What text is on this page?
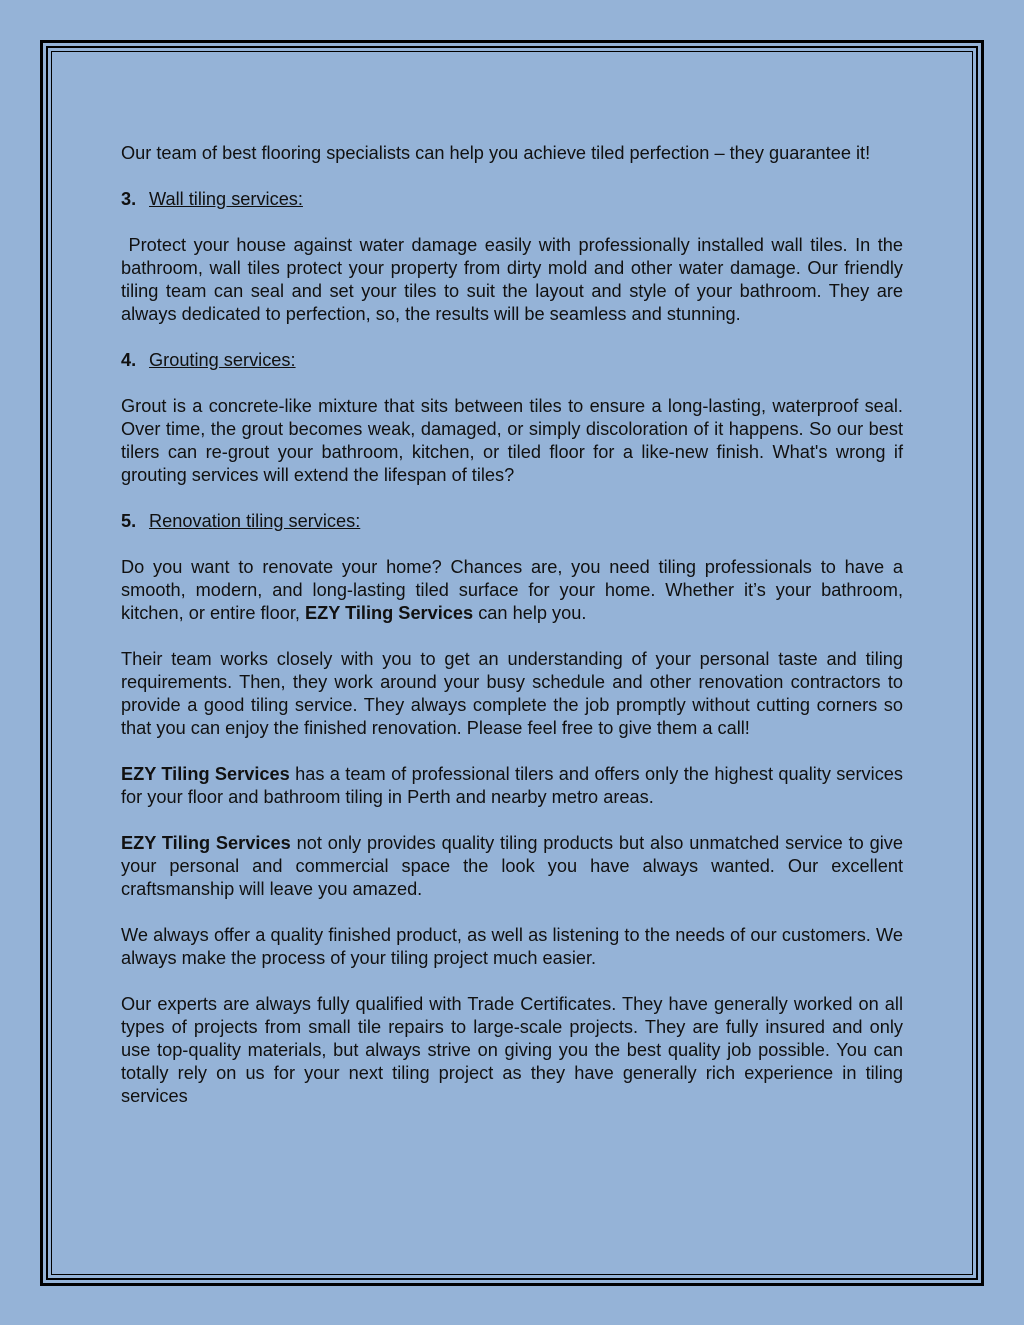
Our team of best flooring specialists can help you achieve tiled perfection – they guarantee it!

3. Wall tiling services:

Protect your house against water damage easily with professionally installed wall tiles. In the bathroom, wall tiles protect your property from dirty mold and other water damage. Our friendly tiling team can seal and set your tiles to suit the layout and style of your bathroom. They are always dedicated to perfection, so, the results will be seamless and stunning.

4. Grouting services:

Grout is a concrete-like mixture that sits between tiles to ensure a long-lasting, waterproof seal. Over time, the grout becomes weak, damaged, or simply discoloration of it happens. So our best tilers can re-grout your bathroom, kitchen, or tiled floor for a like-new finish. What's wrong if grouting services will extend the lifespan of tiles?

5. Renovation tiling services:

Do you want to renovate your home? Chances are, you need tiling professionals to have a smooth, modern, and long-lasting tiled surface for your home. Whether it’s your bathroom, kitchen, or entire floor, EZY Tiling Services can help you.

Their team works closely with you to get an understanding of your personal taste and tiling requirements. Then, they work around your busy schedule and other renovation contractors to provide a good tiling service. They always complete the job promptly without cutting corners so that you can enjoy the finished renovation. Please feel free to give them a call!

EZY Tiling Services has a team of professional tilers and offers only the highest quality services for your floor and bathroom tiling in Perth and nearby metro areas.

EZY Tiling Services not only provides quality tiling products but also unmatched service to give your personal and commercial space the look you have always wanted. Our excellent craftsmanship will leave you amazed.

We always offer a quality finished product, as well as listening to the needs of our customers. We always make the process of your tiling project much easier.

Our experts are always fully qualified with Trade Certificates. They have generally worked on all types of projects from small tile repairs to large-scale projects. They are fully insured and only use top-quality materials, but always strive on giving you the best quality job possible. You can totally rely on us for your next tiling project as they have generally rich experience in tiling services
